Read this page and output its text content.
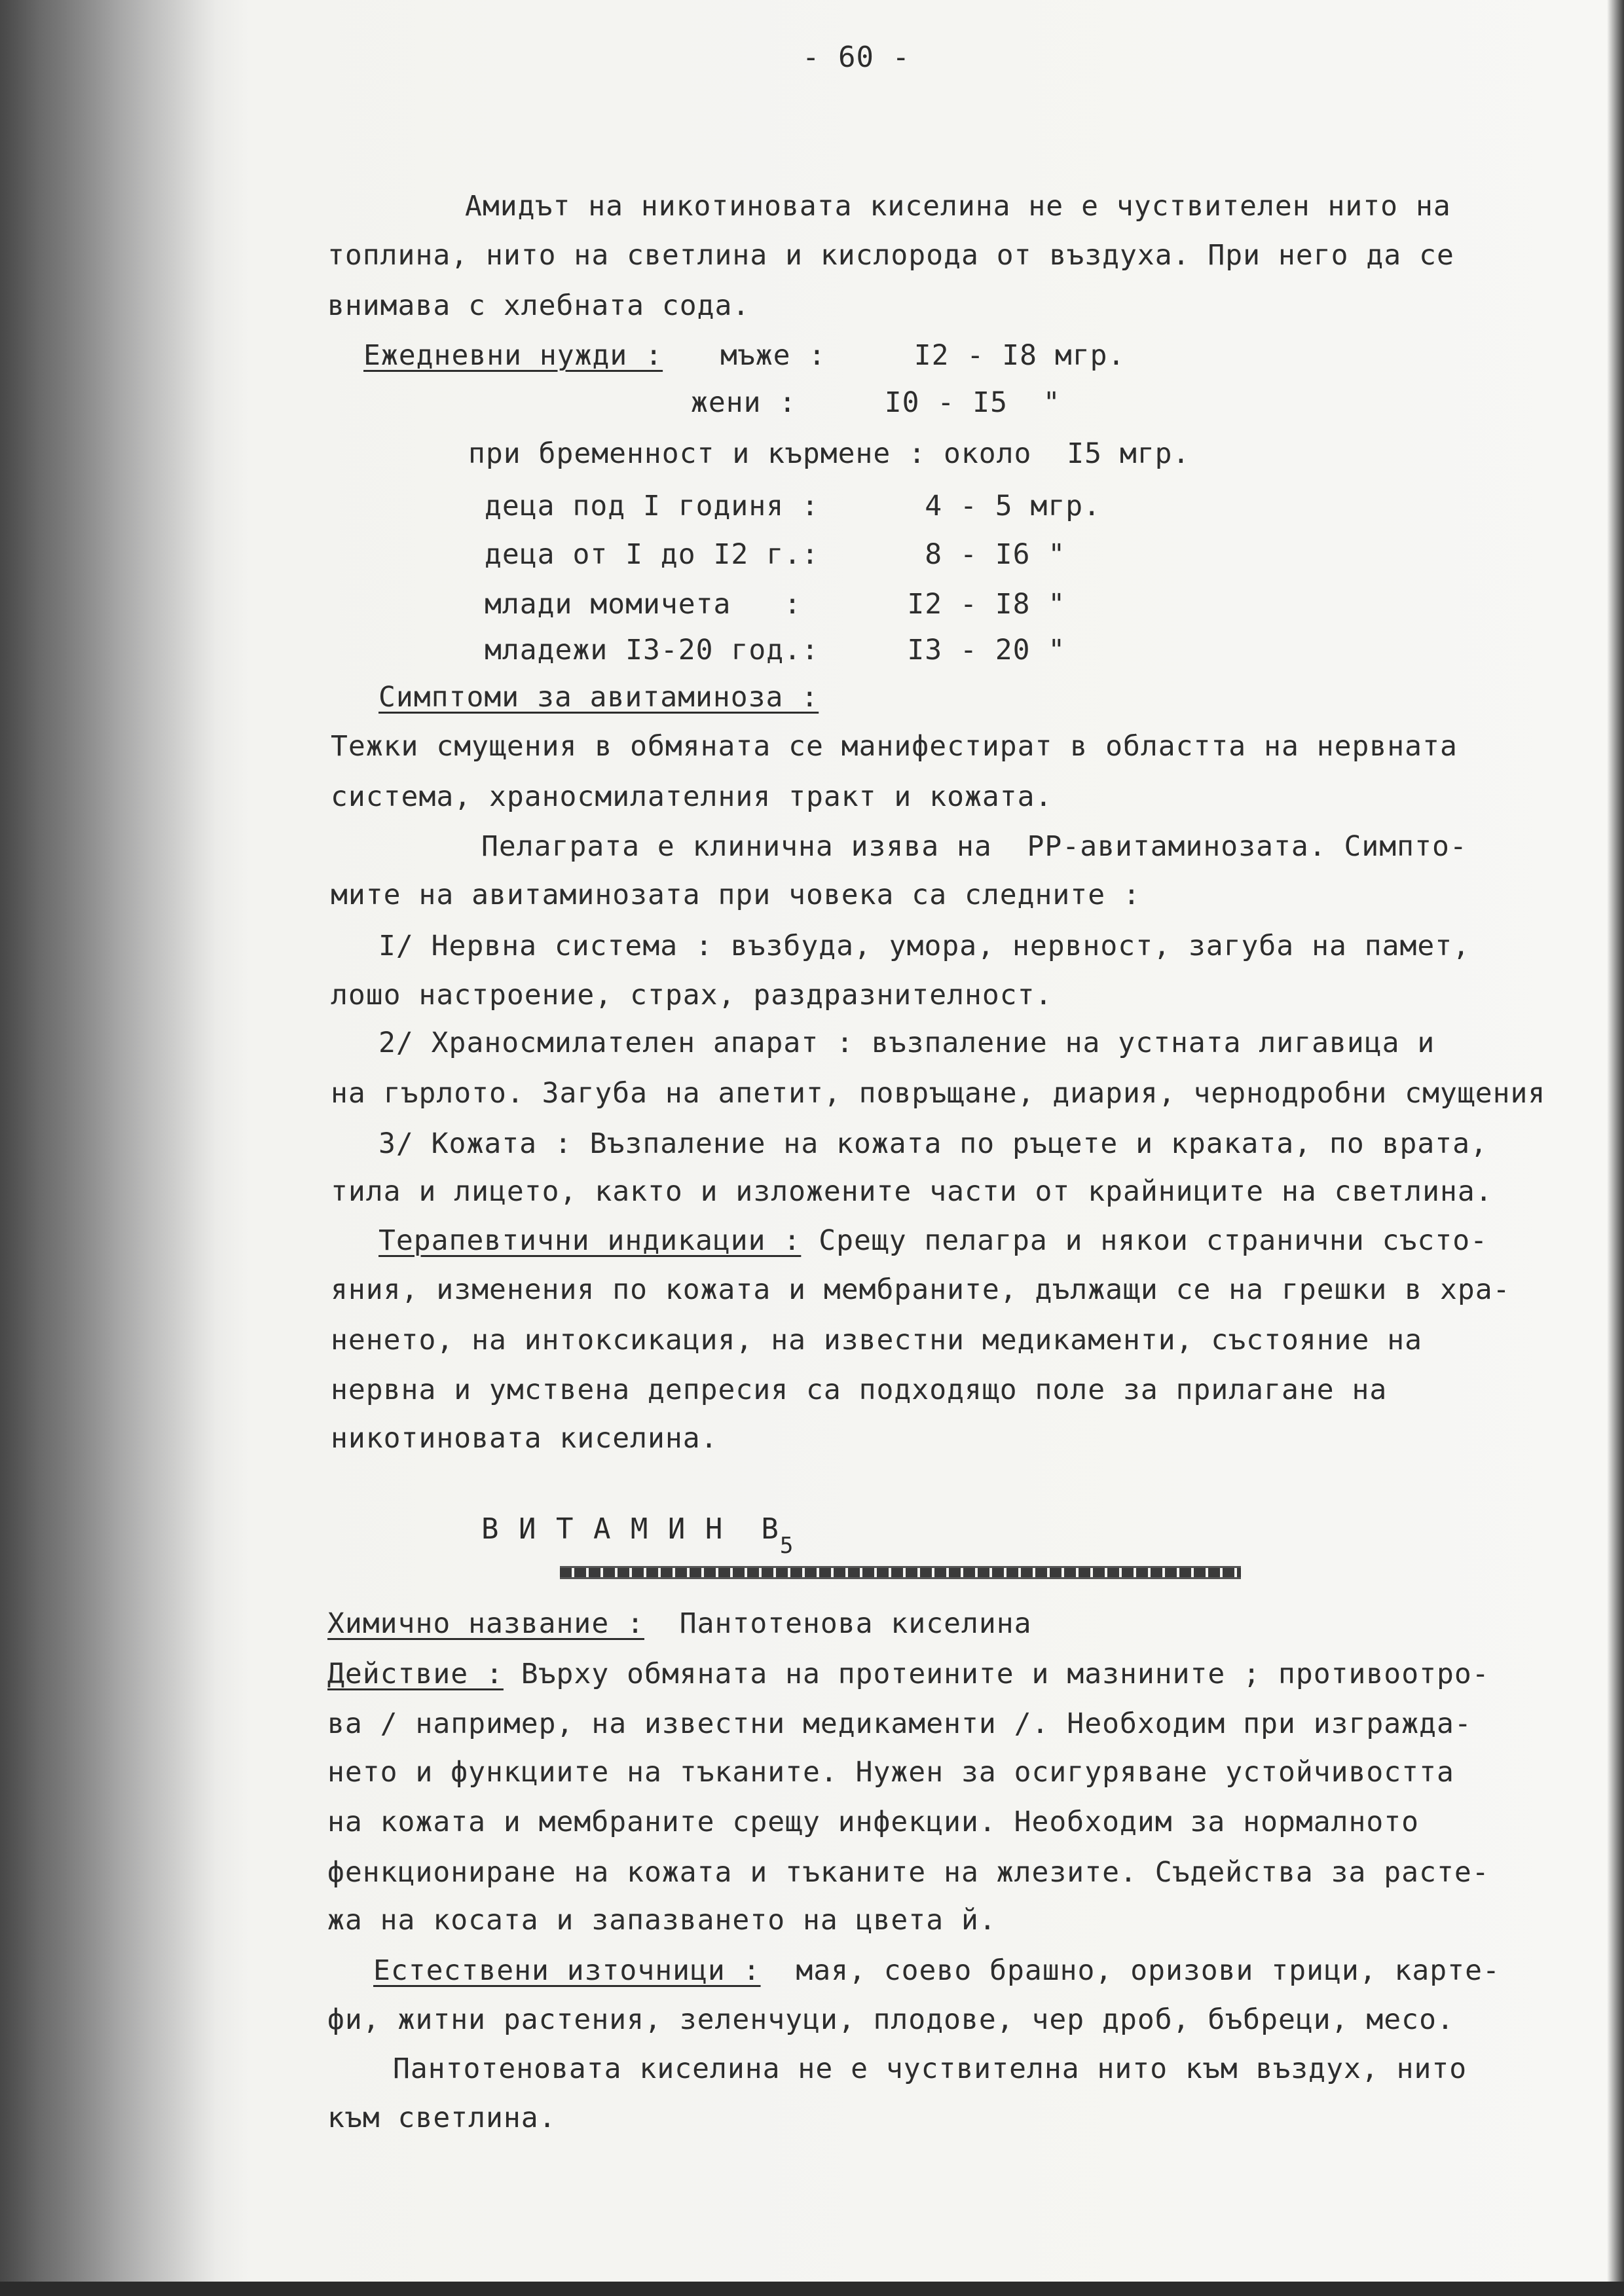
- 60 -
Амидът на никотиновата киселина не е чуствителен нито на
топлина, нито на светлина и кислорода от въздуха. При него да се
внимава с хлебната сода.
Ежедневни нужди : мъже :     I2 - I8 мгр.
жени :     I0 - I5  "
при бременност и кърмене : около  I5 мгр.
деца под I годиня :      4 - 5 мгр.
деца от I до I2 г.:      8 - I6 "
млади момичета   :      I2 - I8 "
младежи I3-20 год.:     I3 - 20 "
Симптоми за авитаминоза :
Тежки смущения в обмяната се манифестират в областта на нервната
система, храносмилателния тракт и кожата.
Пелаграта е клинична изява на  PP-авитаминозата. Симпто-
мите на авитаминозата при човека са следните :
I/ Нервна система : възбуда, умора, нервност, загуба на памет,
лошо настроение, страх, раздразнителност.
2/ Храносмилателен апарат : възпаление на устната лигавица и
на гърлото. Загуба на апетит, повръщане, диария, чернодробни смущения
3/ Кожата : Възпаление на кожата по ръцете и краката, по врата,
тила и лицето, както и изложените части от крайниците на светлина.
Терапевтични индикации : Срещу пелагра и някои странични състо-
яния, изменения по кожата и мембраните, дължащи се на грешки в хра-
ненето, на интоксикация, на известни медикаменти, състояние на
нервна и умствена депресия са подходящо поле за прилагане на
никотиновата киселина.
В И Т А М И Н  $В_5$
Химично название :  Пантотенова киселина
Действие : Върху обмяната на протеините и мазнините ; противоотро-
ва / например, на известни медикаменти /. Необходим при изгражда-
нето и функциите на тъканите. Нужен за осигуряване устойчивостта
на кожата и мембраните срещу инфекции. Необходим за нормалното
фенкциониране на кожата и тъканите на жлезите. Съдейства за расте-
жа на косата и запазването на цвета й.
Естествени източници :  мая, соево брашно, оризови трици, карте-
фи, житни растения, зеленчуци, плодове, чер дроб, бъбреци, месо.
Пантотеновата киселина не е чуствителна нито към въздух, нито
към светлина.
